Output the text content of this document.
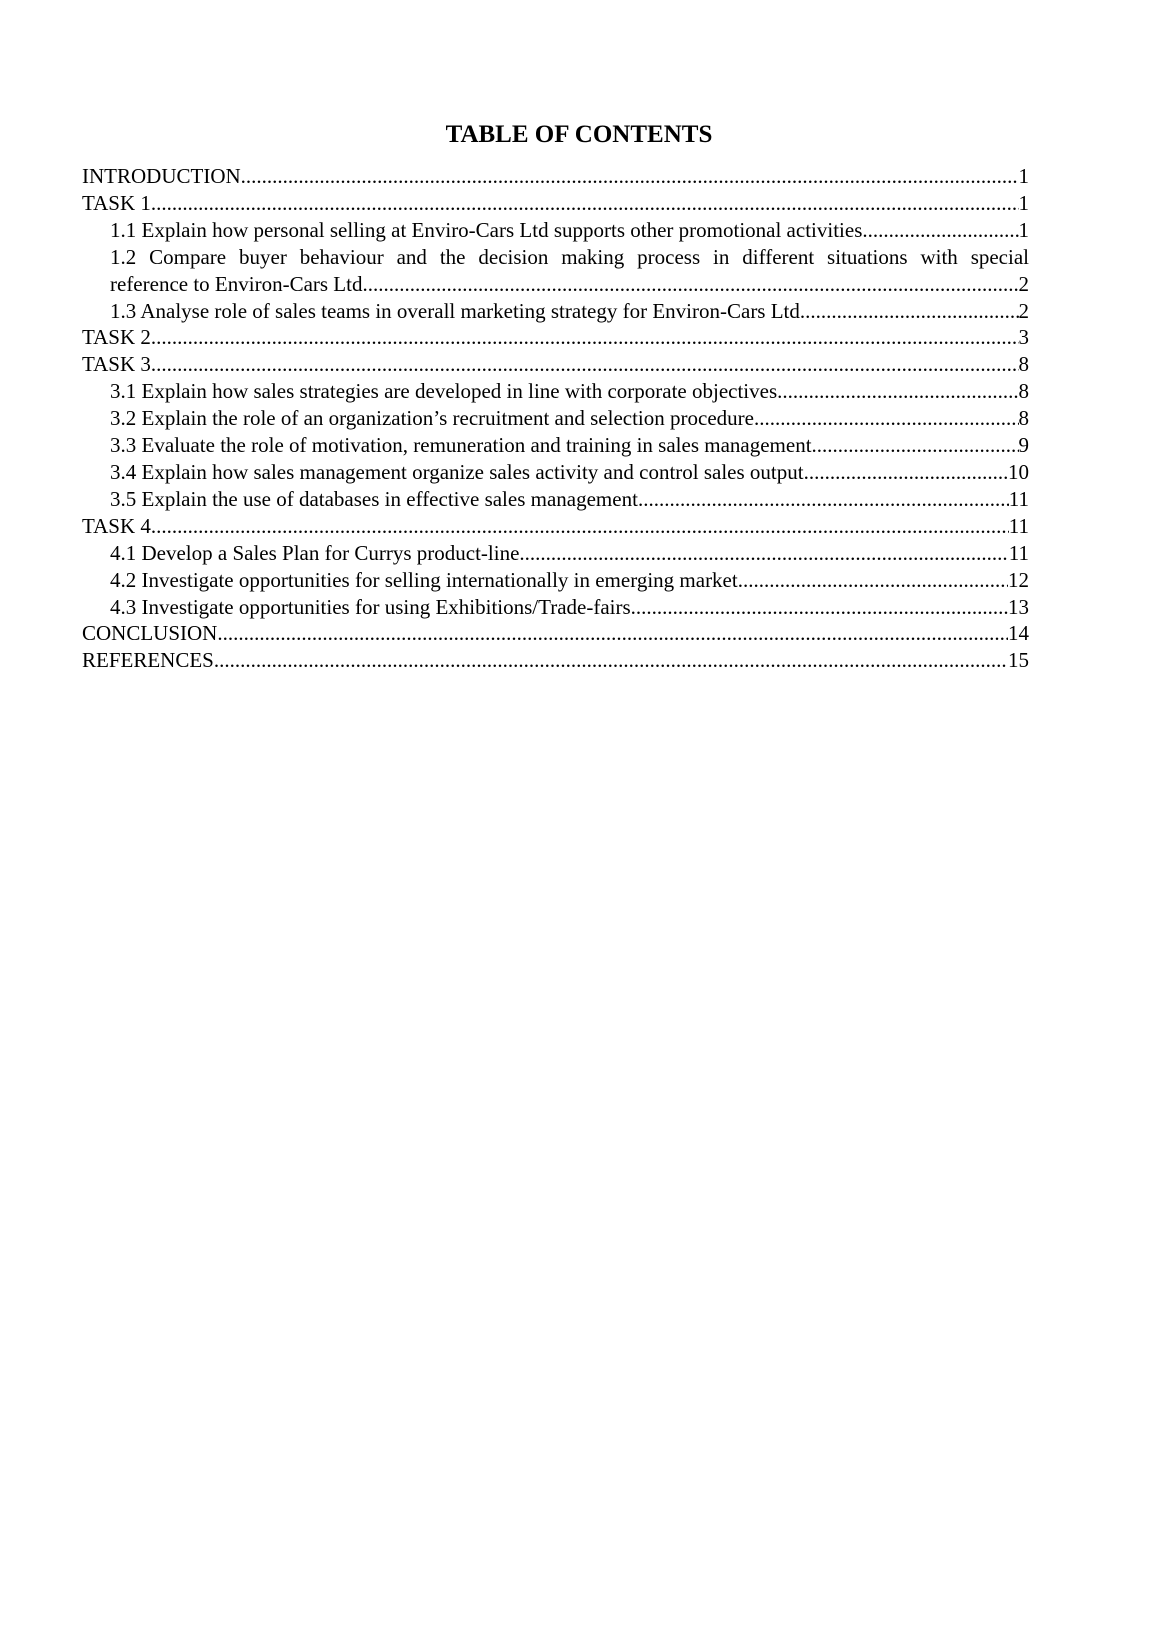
TABLE OF CONTENTS
INTRODUCTION .....	1
TASK 1 .....	1
1.1 Explain how personal selling at Enviro-Cars Ltd supports other promotional activities .....	1
1.2 Compare buyer behaviour and the decision making process in different situations with special
reference to Environ-Cars Ltd .....	2
1.3 Analyse role of sales teams in overall marketing strategy for Environ-Cars Ltd .....	2
TASK 2 .....	3
TASK 3 .....	8
3.1 Explain how sales strategies are developed in line with corporate objectives .....	8
3.2 Explain the role of an organization’s recruitment and selection procedure .....	8
3.3 Evaluate the role of motivation, remuneration and training in sales management .....	9
3.4 Explain how sales management organize sales activity and control sales output .....	10
3.5 Explain the use of databases in effective sales management .....	11
TASK 4 .....	11
4.1 Develop a Sales Plan for Currys product-line .....	11
4.2 Investigate opportunities for selling internationally in emerging market .....	12
4.3 Investigate opportunities for using Exhibitions/Trade-fairs .....	13
CONCLUSION .....	14
REFERENCES .....	15
